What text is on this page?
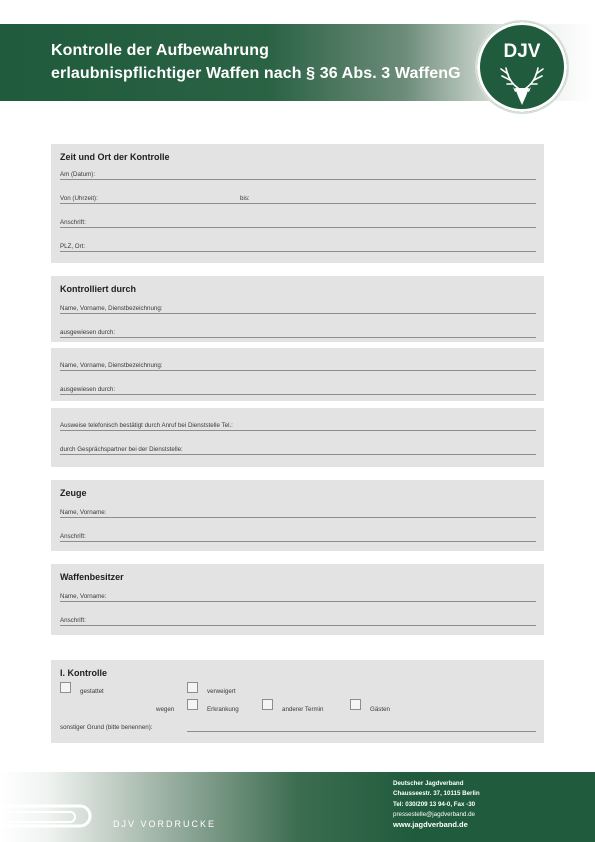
Kontrolle der Aufbewahrung
erlaubnispflichtiger Waffen nach § 36 Abs. 3 WaffenG
DJV
Zeit und Ort der Kontrolle
Am (Datum):
Von (Uhrzeit):	bis:
Anschrift:
PLZ, Ort:
Kontrolliert durch
Name, Vorname, Dienstbezeichnung:
ausgewiesen durch:
Name, Vorname, Dienstbezeichnung:
ausgewiesen durch:
Ausweise telefonisch bestätigt durch Anruf bei Dienststelle Tel.:
durch Gesprächspartner bei der Dienststelle:
Zeuge
Name, Vorname:
Anschrift:
Waffenbesitzer
Name, Vorname:
Anschrift:
I. Kontrolle
gestattet	verweigert
wegen	Erkrankung	anderer Termin	Gästen
sonstiger Grund (bitte benennen):
DJV VORDRUCKE
Deutscher Jagdverband
Chausseestr. 37, 10115 Berlin
Tel: 030/209 13 94-0, Fax -30
pressestelle@jagdverband.de
www.jagdverband.de
